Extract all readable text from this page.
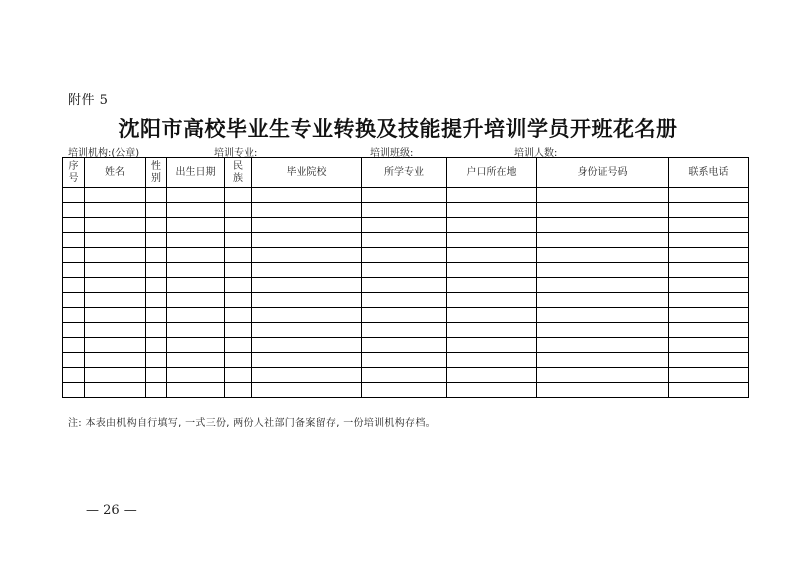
附件 5
沈阳市高校毕业生专业转换及技能提升培训学员开班花名册
培训机构:(公章)	培训专业:	培训班级:	培训人数:
序号	姓名	性别	出生日期	民族	毕业院校	所学专业	户口所在地	身份证号码	联系电话

注: 本表由机构自行填写, 一式三份, 两份人社部门备案留存, 一份培训机构存档。
— 26 —
